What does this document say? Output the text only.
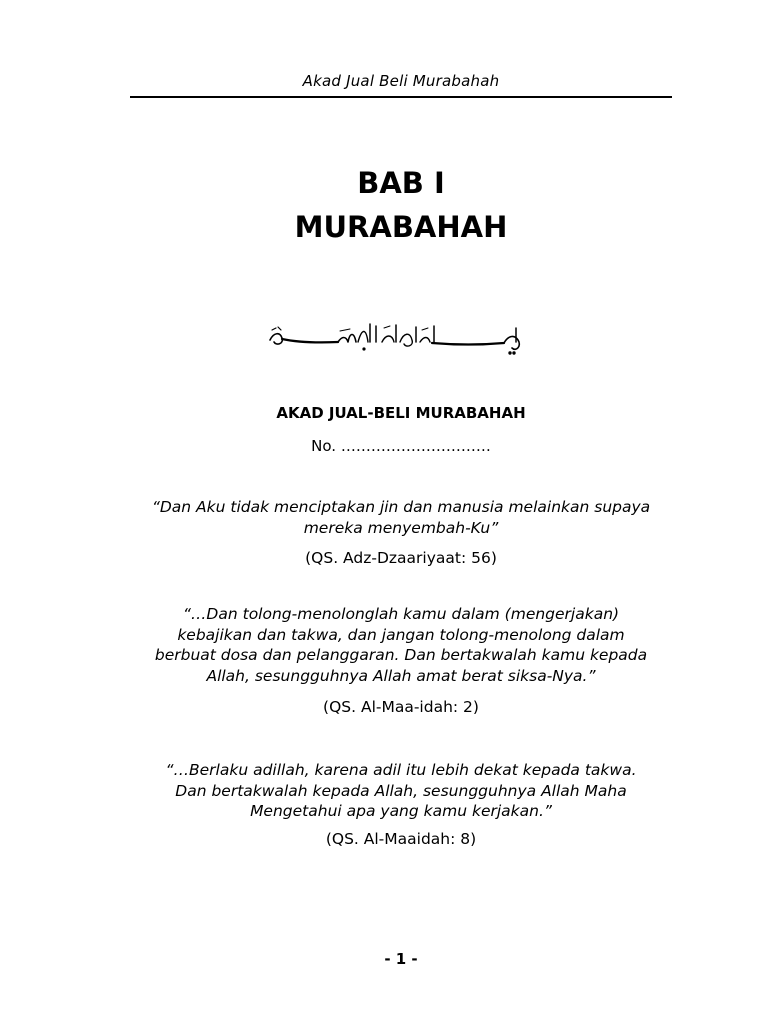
Akad Jual Beli Murabahah
BAB I
MURABAHAH
AKAD JUAL-BELI MURABAHAH
No. …………………………
“Dan Aku tidak menciptakan jin dan manusia melainkan supaya
mereka menyembah-Ku”
(QS. Adz-Dzaariyaat: 56)
“…Dan tolong-menolonglah kamu dalam (mengerjakan)
kebajikan dan takwa, dan jangan tolong-menolong dalam
berbuat dosa dan pelanggaran. Dan bertakwalah kamu kepada
Allah, sesungguhnya Allah amat berat siksa-Nya.”
(QS. Al-Maa-idah: 2)
“…Berlaku adillah, karena adil itu lebih dekat kepada takwa.
Dan bertakwalah kepada Allah, sesungguhnya Allah Maha
Mengetahui apa yang kamu kerjakan.”
(QS. Al-Maaidah: 8)
- 1 -
